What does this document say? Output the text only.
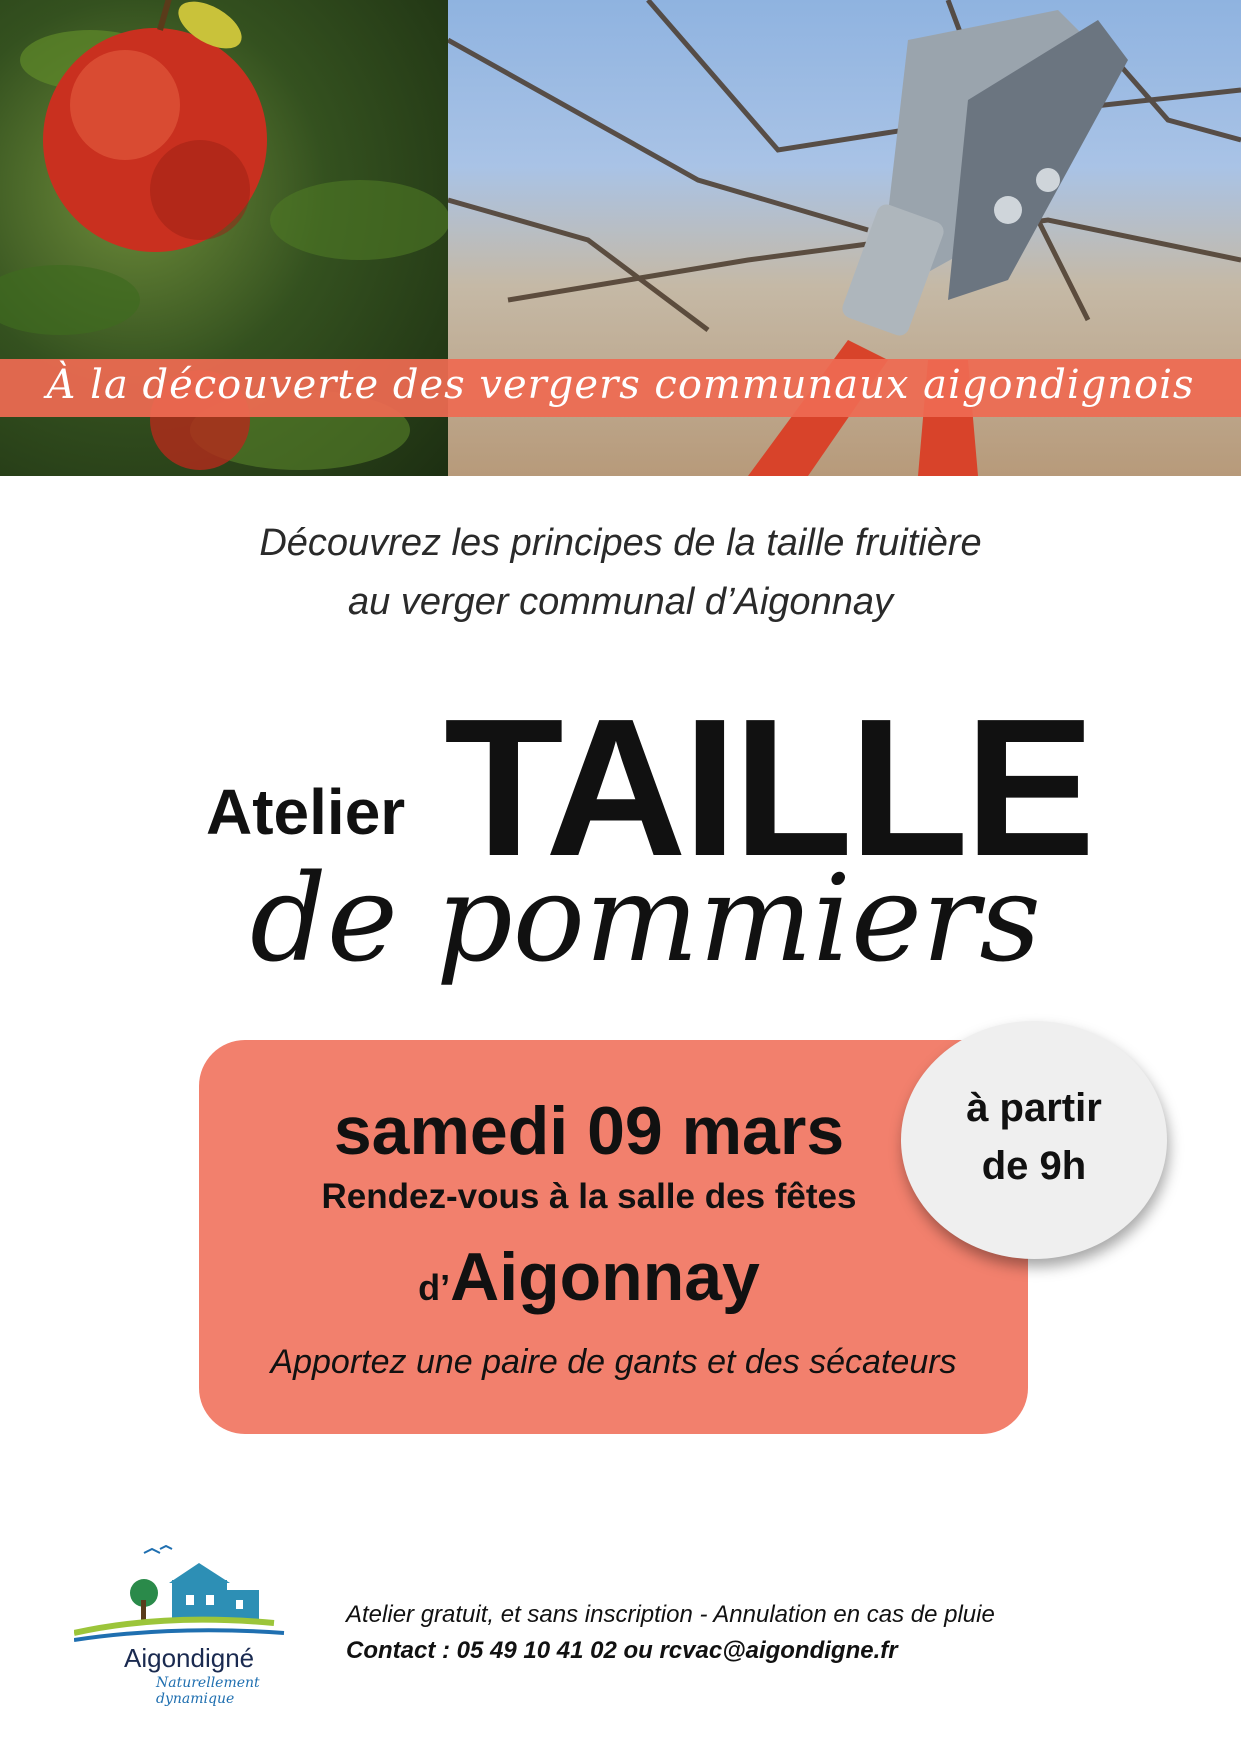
À la découverte des vergers communaux aigondignois
Découvrez les principes de la taille fruitière
au verger communal d’Aigonnay
Atelier TAILLE
de pommiers
samedi 09 mars
Rendez-vous à la salle des fêtes
d’Aigonnay
Apportez une paire de gants et des sécateurs
à partir
de 9h
Aigondigné
Naturellement dynamique
Atelier gratuit, et sans inscription - Annulation en cas de pluie
Contact : 05 49 10 41 02 ou rcvac@aigondigne.fr
